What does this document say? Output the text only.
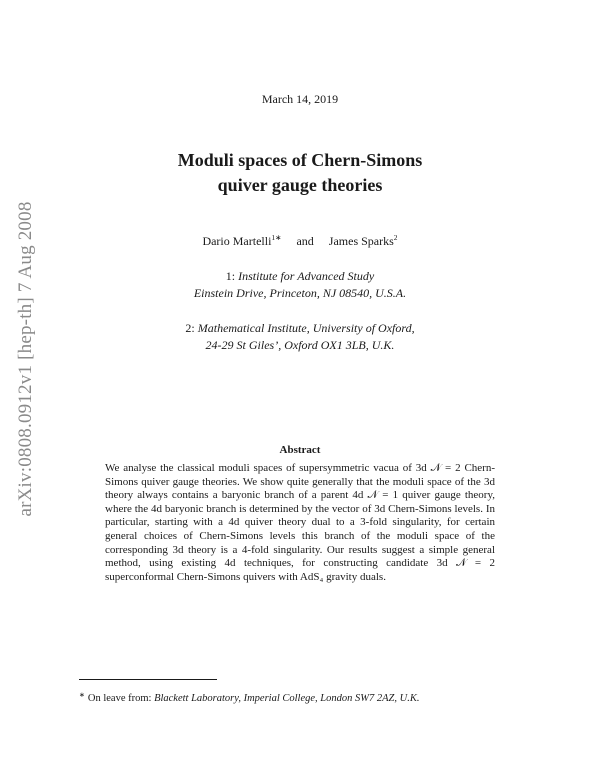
arXiv:0808.0912v1 [hep-th] 7 Aug 2008
March 14, 2019
Moduli spaces of Chern-Simons
quiver gauge theories
Dario Martelli$^{1∗}$ and James Sparks$^2$
1: Institute for Advanced Study
Einstein Drive, Princeton, NJ 08540, U.S.A.
2: Mathematical Institute, University of Oxford,
24-29 St Giles’, Oxford OX1 3LB, U.K.
Abstract
We analyse the classical moduli spaces of supersymmetric vacua of 3d 𝒩 = 2 Chern-Simons quiver gauge theories. We show quite generally that the moduli space of the 3d theory always contains a baryonic branch of a parent 4d 𝒩 = 1 quiver gauge theory, where the 4d baryonic branch is determined by the vector of 3d Chern-Simons levels. In particular, starting with a 4d quiver theory dual to a 3-fold singularity, for certain general choices of Chern-Simons levels this branch of the moduli space of the corresponding 3d theory is a 4-fold singularity. Our results suggest a simple general method, using existing 4d techniques, for constructing candidate 3d 𝒩 = 2 superconformal Chern-Simons quivers with AdS₄ gravity duals.
∗ On leave from: Blackett Laboratory, Imperial College, London SW7 2AZ, U.K.
